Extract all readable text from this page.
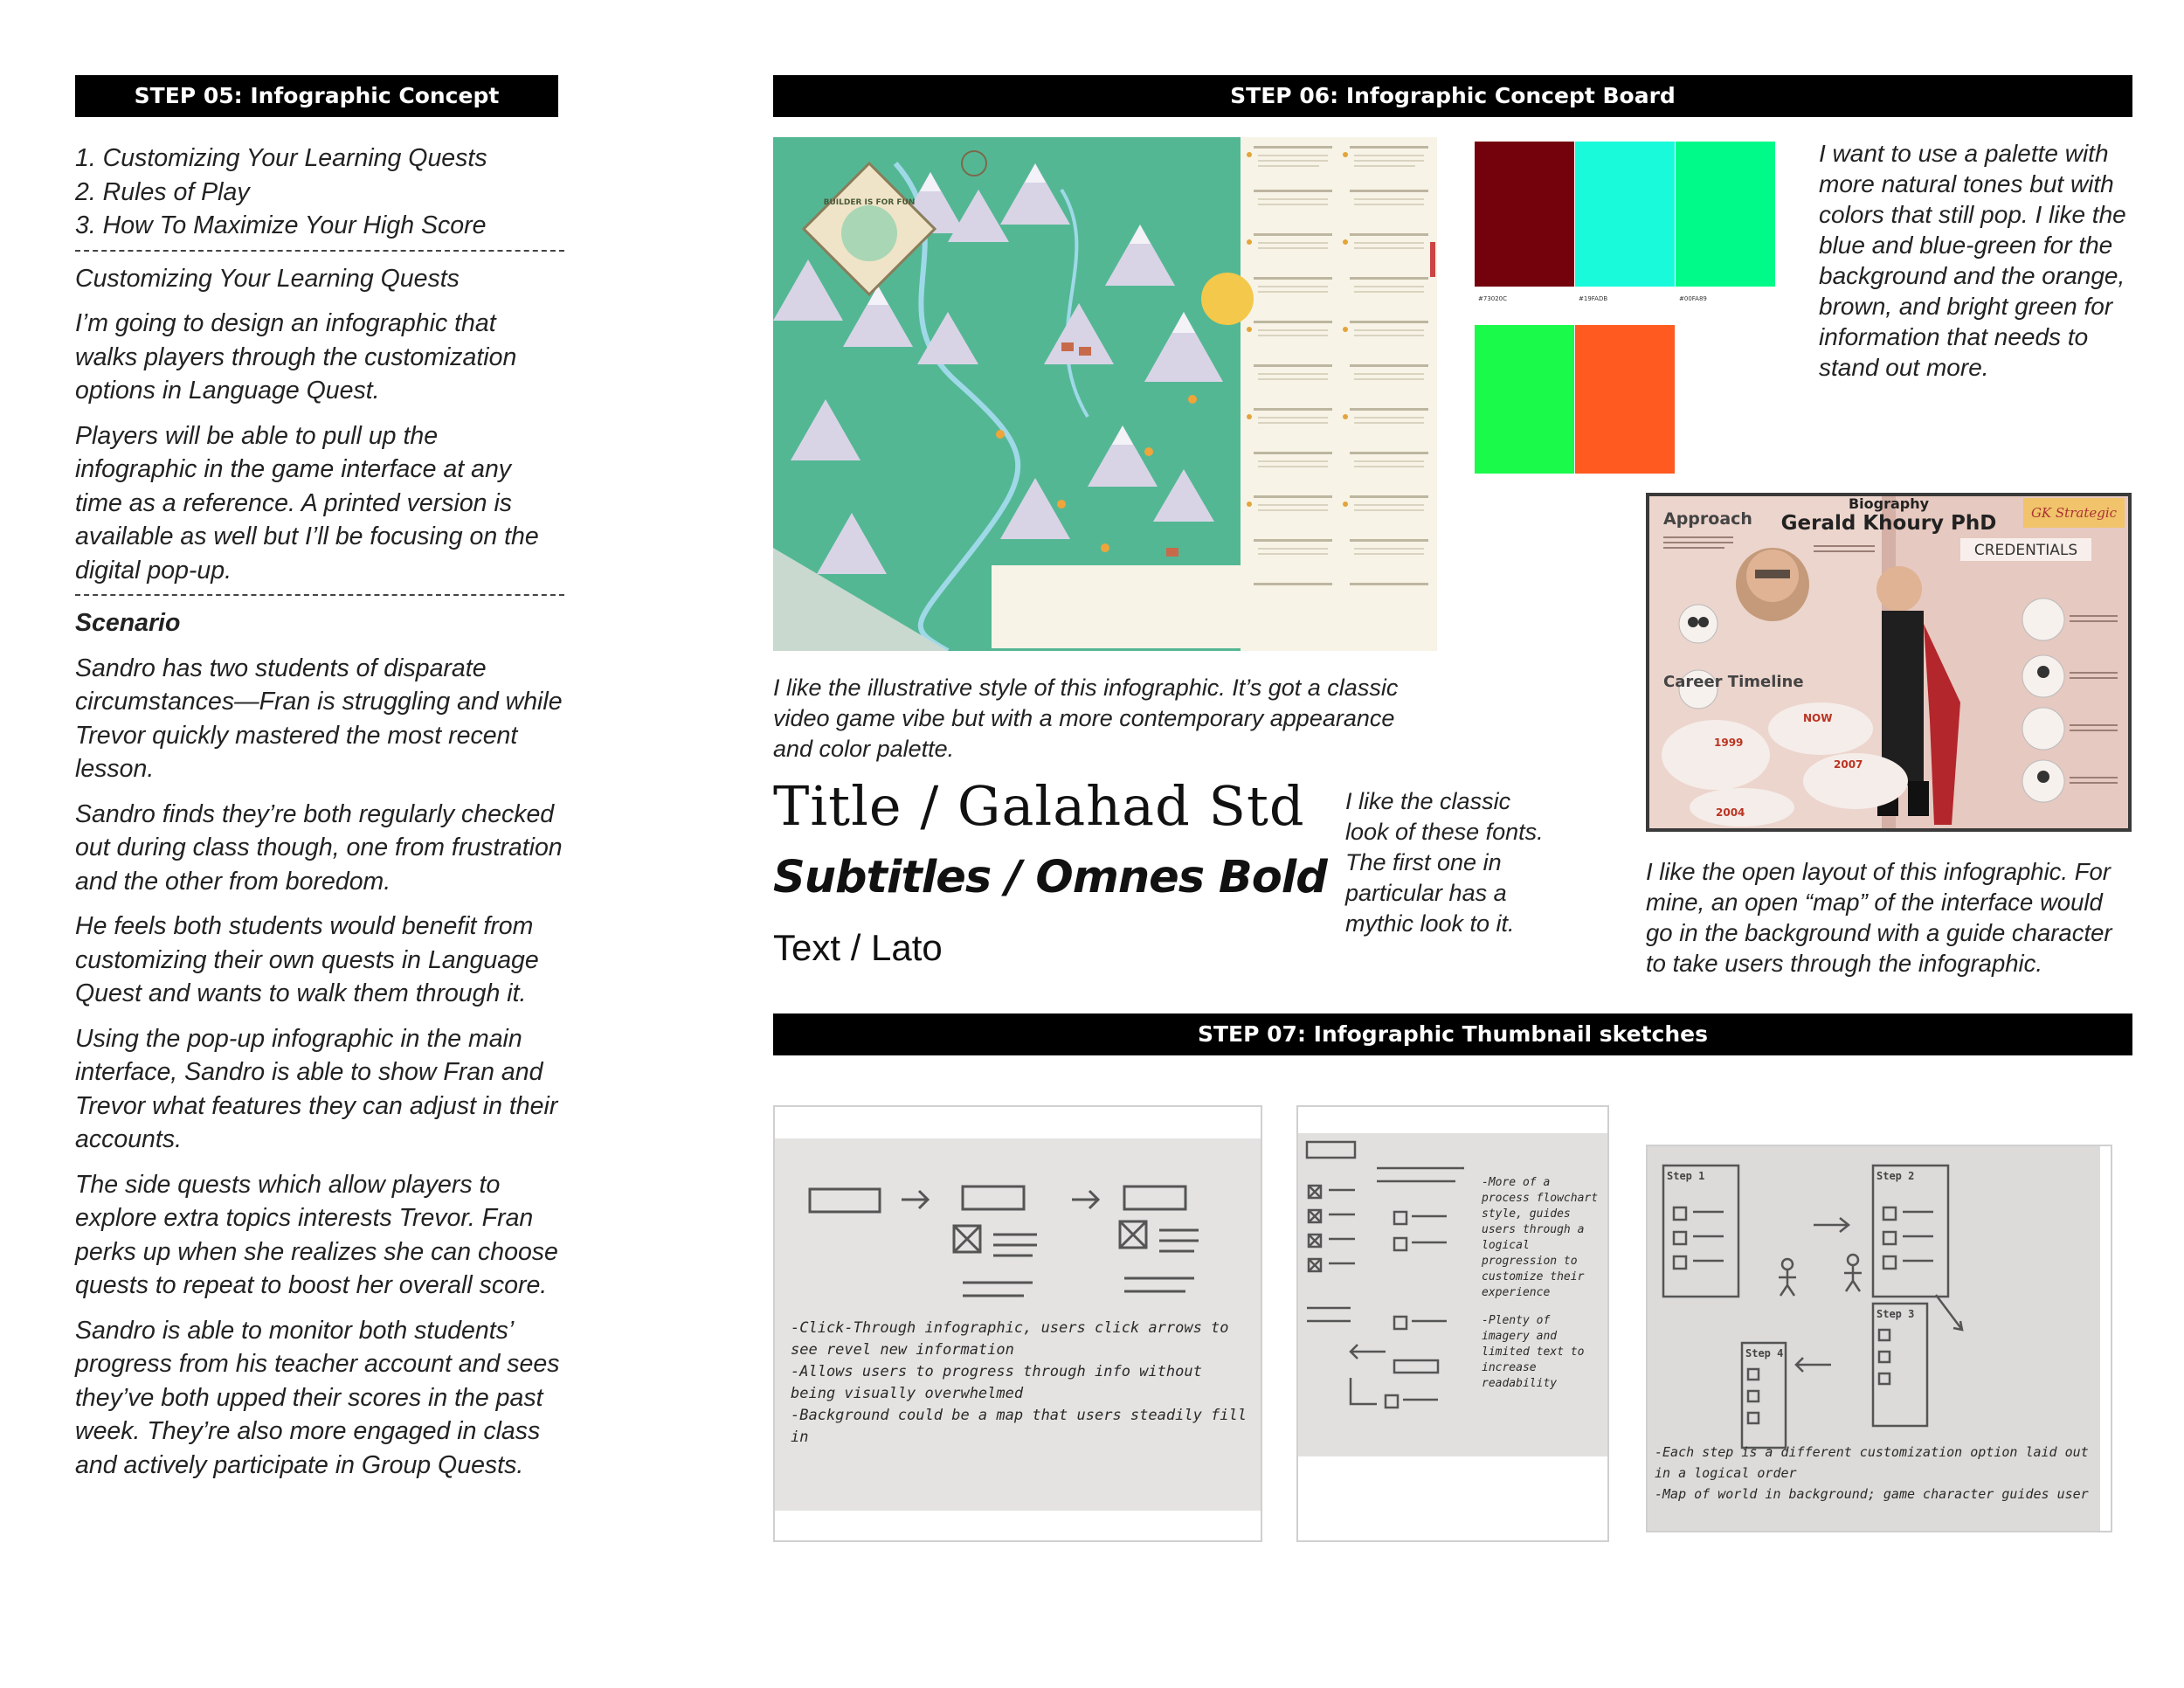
STEP 05: Infographic Concept
1. Customizing Your Learning Quests
2. Rules of Play
3. How To Maximize Your High Score
Customizing Your Learning Quests
I’m going to design an infographic that walks players through the customization options in Language Quest.
Players will be able to pull up the infographic in the game interface at any time as a reference. A printed version is available as well but I’ll be focusing on the digital pop-up.
Scenario
Sandro has two students of disparate circumstances—Fran is struggling and while Trevor quickly mastered the most recent lesson.
Sandro finds they’re both regularly checked out during class though, one from frustration and the other from boredom.
He feels both students would benefit from customizing their own quests in Language Quest and wants to walk them through it.
Using the pop-up infographic in the main interface, Sandro is able to show Fran and Trevor what features they can adjust in their accounts.
The side quests which allow players to explore extra topics interests Trevor. Fran perks up when she realizes she can choose quests to repeat to boost her overall score.
Sandro is able to monitor both students’ progress from his teacher account and sees they’ve both upped their scores in the past week. They’re also more engaged in class and actively participate in Group Quests.
STEP 06: Infographic Concept Board
BUILDER IS FOR FUN
I like the illustrative style of this infographic. It’s got a classic video game vibe but with a more contemporary appearance and color palette.
#73020C	#19FADB	#00FA89
I want to use a palette with more natural tones but with colors that still pop. I like the blue and blue-green for the background and the orange, brown, and bright green for information that needs to stand out more.
Title / Galahad Std
Subtitles / Omnes Bold
Text / Lato
I like the classic look of these fonts. The first one in particular has a mythic look to it.
Approach
Biography
Gerald Khoury PhD	GK Strategic
CREDENTIALS
Career Timeline
1999
2004
2007
NOW
I like the open layout of this infographic. For mine, an open “map” of the interface would go in the background with a guide character to take users through the infographic.
STEP 07: Infographic Thumbnail sketches
-Click-Through infographic, users click arrows to see revel new information
-Allows users to progress through info without being visually overwhelmed
-Background could be a map that users steadily fill in
-More of a process flowchart style, guides users through a logical progression to customize their experience
-Plenty of imagery and limited text to increase readability
Step 1	Step 2
Step 3
Step 4
-Each step is a different customization option laid out in a logical order
-Map of world in background; game character guides user
